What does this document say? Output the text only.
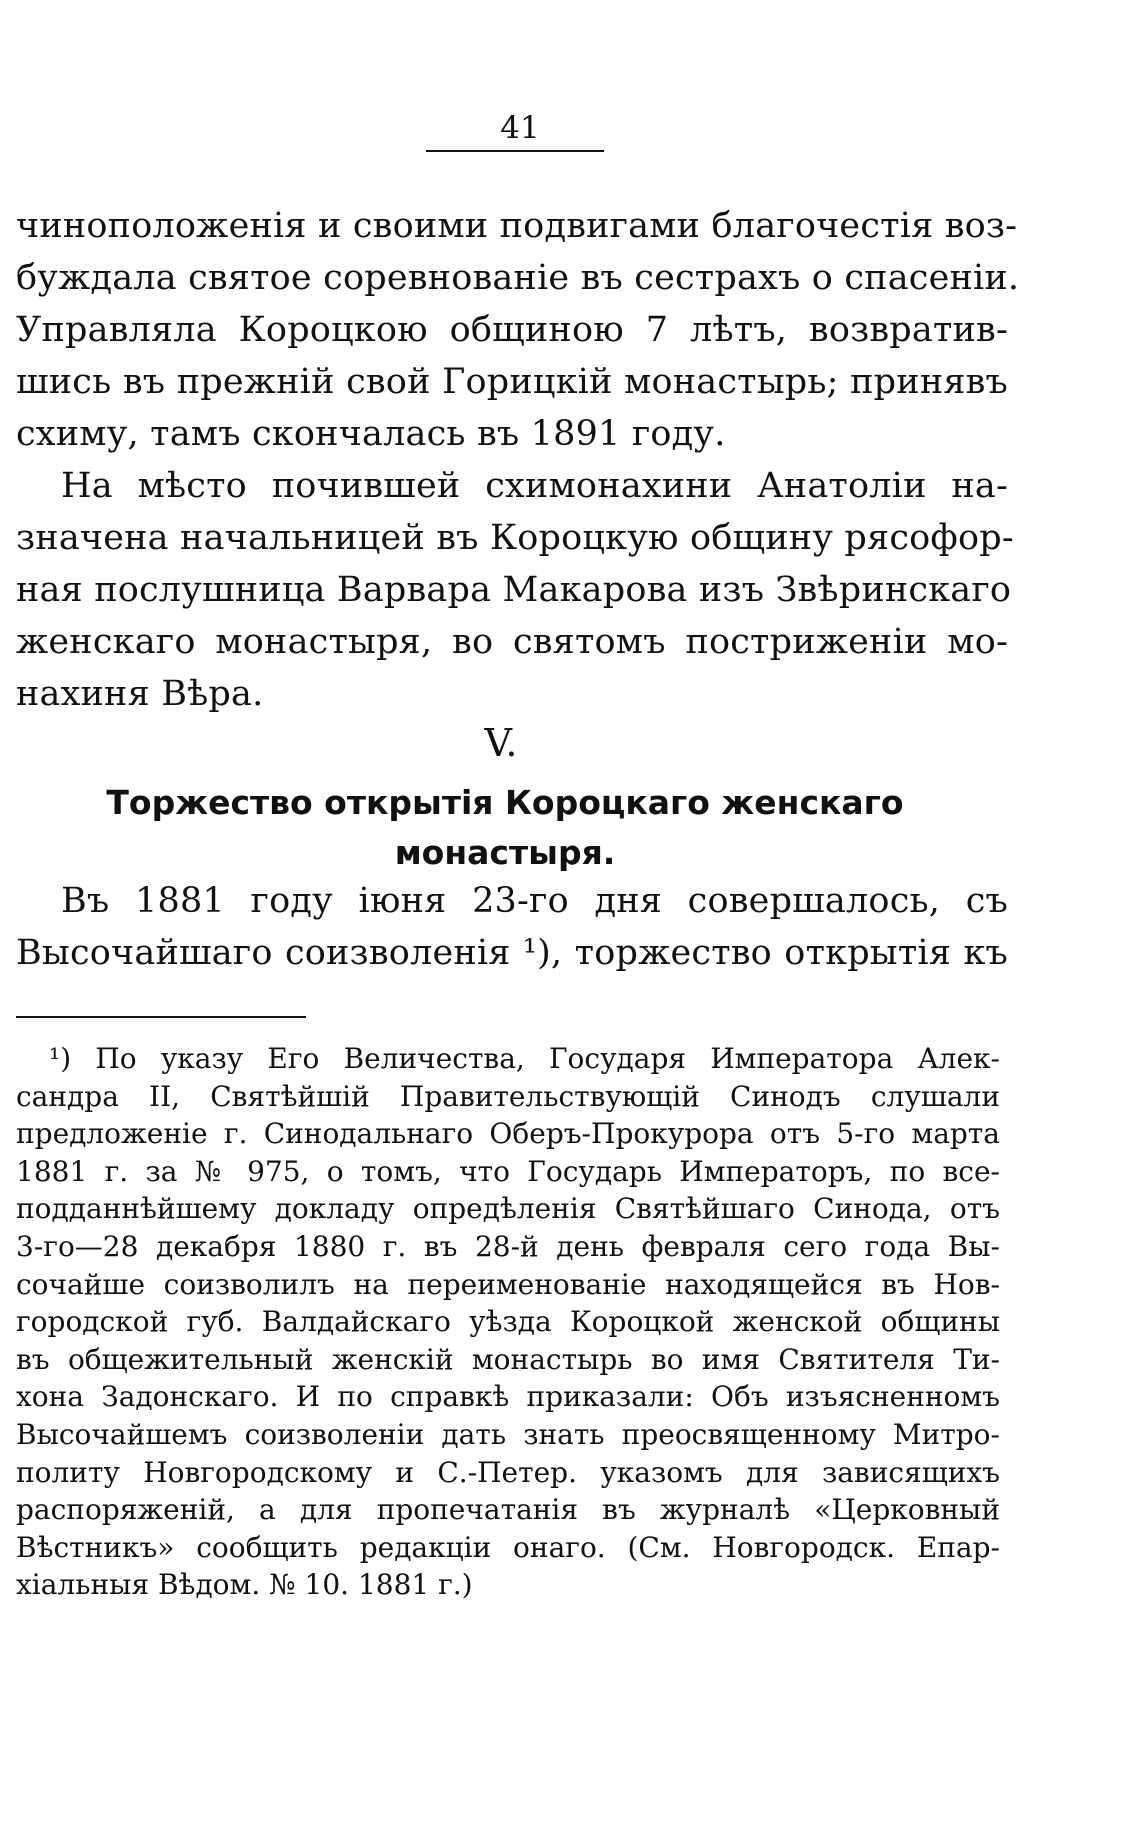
41
чиноположенія и своими подвигами благочестія воз-
буждала святое соревнованіе въ сестрахъ о спасеніи.
Управляла Короцкою общиною 7 лѣтъ, возвратив-
шись въ прежній свой Горицкій монастырь; принявъ
схиму, тамъ скончалась въ 1891 году.
На мѣсто почившей схимонахини Анатоліи на-
значена начальницей въ Короцкую общину рясофор-
ная послушница Варвара Макарова изъ Звѣринскаго
женскаго монастыря, во святомъ постриженіи мо-
нахиня Вѣра.
V.
Торжество открытія Короцкаго женскаго
монастыря.
Въ 1881 году іюня 23-го дня совершалось, съ
Высочайшаго соизволенія ¹), торжество открытія къ
¹) По указу Его Величества, Государя Императора Алек-
сандра II, Святѣйшій Правительствующій Синодъ слушали
предложеніе г. Синодальнаго Оберъ-Прокурора отъ 5-го марта
1881 г. за № 975, о томъ, что Государь Императоръ, по все-
подданнѣйшему докладу опредѣленія Святѣйшаго Синода, отъ
3-го—28 декабря 1880 г. въ 28-й день февраля сего года Вы-
сочайше соизволилъ на переименованіе находящейся въ Нов-
городской губ. Валдайскаго уѣзда Короцкой женской общины
въ общежительный женскій монастырь во имя Святителя Ти-
хона Задонскаго. И по справкѣ приказали: Объ изъясненномъ
Высочайшемъ соизволеніи дать знать преосвященному Митро-
политу Новгородскому и С.-Петер. указомъ для зависящихъ
распоряженій, а для пропечатанія въ журналѣ «Церковный
Вѣстникъ» сообщить редакціи онаго. (См. Новгородск. Епар-
хіальныя Вѣдом. № 10. 1881 г.)
